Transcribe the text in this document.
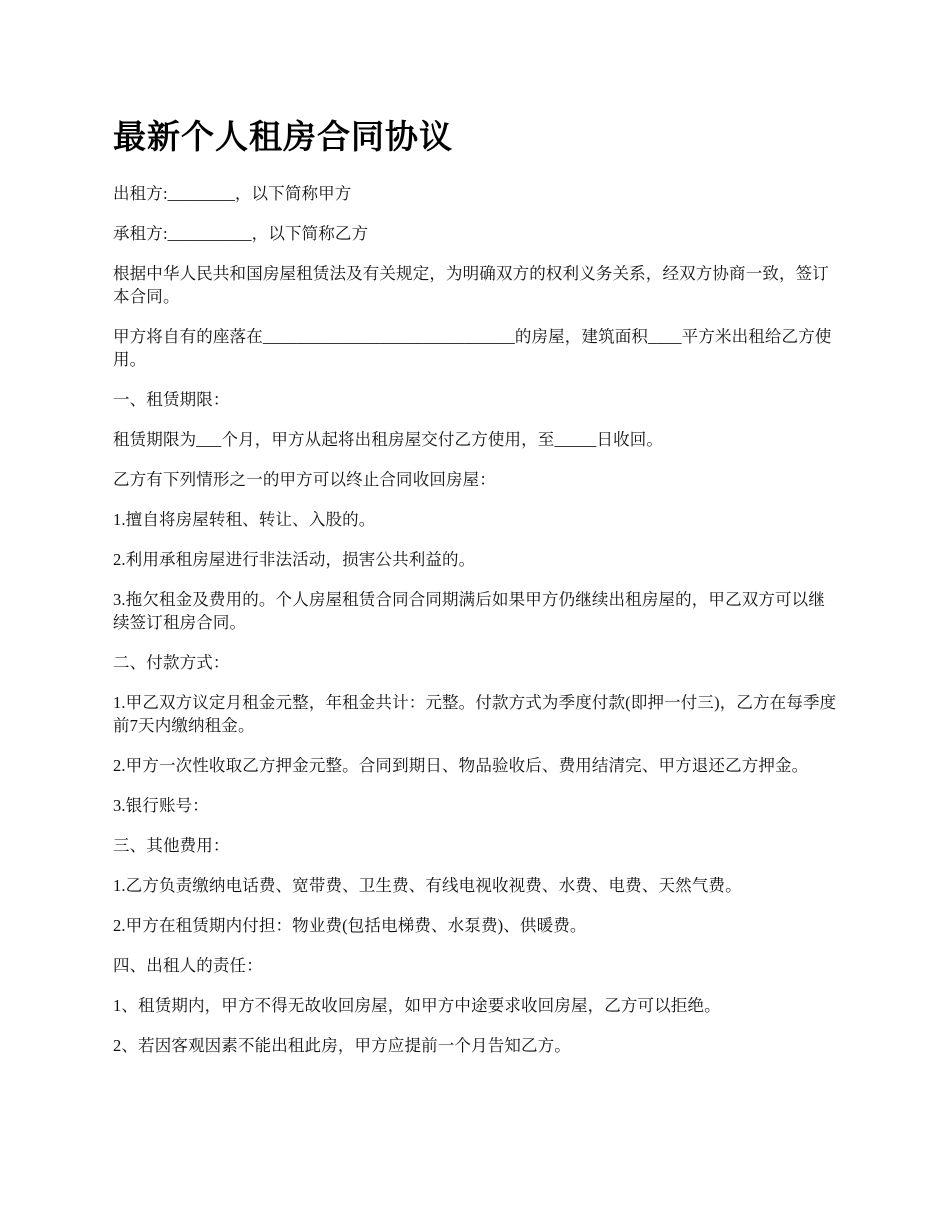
最新个人租房合同协议

出租方:________，以下简称甲方

承租方:__________，以下简称乙方

根据中华人民共和国房屋租赁法及有关规定，为明确双方的权利义务关系，经双方协商一致，签订本合同。

甲方将自有的座落在______________________________的房屋，建筑面积____平方米出租给乙方使用。

一、租赁期限：

租赁期限为___个月，甲方从起将出租房屋交付乙方使用，至_____日收回。

乙方有下列情形之一的甲方可以终止合同收回房屋：

1.擅自将房屋转租、转让、入股的。

2.利用承租房屋进行非法活动，损害公共利益的。

3.拖欠租金及费用的。个人房屋租赁合同合同期满后如果甲方仍继续出租房屋的，甲乙双方可以继续签订租房合同。

二、付款方式：

1.甲乙双方议定月租金元整，年租金共计：元整。付款方式为季度付款(即押一付三)，乙方在每季度前7天内缴纳租金。

2.甲方一次性收取乙方押金元整。合同到期日、物品验收后、费用结清完、甲方退还乙方押金。

3.银行账号：

三、其他费用：

1.乙方负责缴纳电话费、宽带费、卫生费、有线电视收视费、水费、电费、天然气费。

2.甲方在租赁期内付担：物业费(包括电梯费、水泵费)、供暖费。

四、出租人的责任：

1、租赁期内，甲方不得无故收回房屋，如甲方中途要求收回房屋，乙方可以拒绝。

2、若因客观因素不能出租此房，甲方应提前一个月告知乙方。
